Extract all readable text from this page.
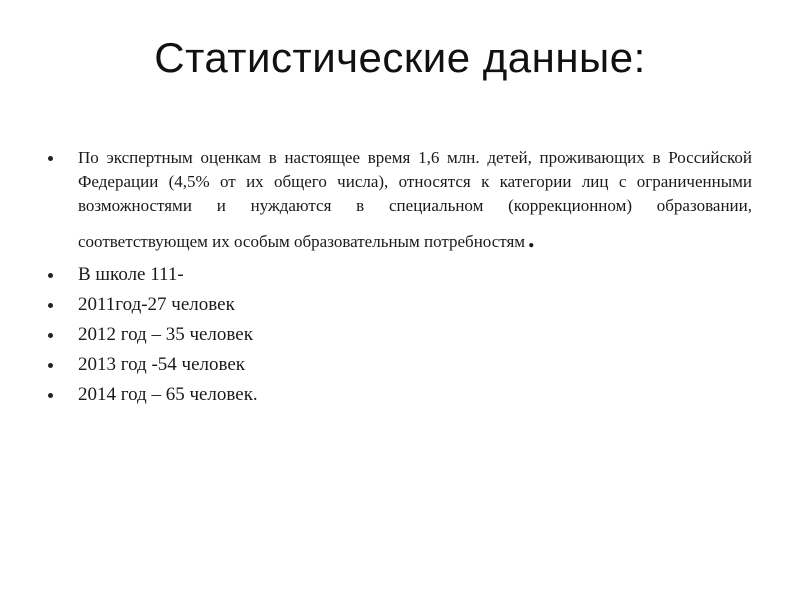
Статистические данные:
По экспертным оценкам в настоящее время 1,6 млн. детей, проживающих в Российской Федерации (4,5% от их общего числа), относятся к категории лиц с ограниченными возможностями и нуждаются в специальном (коррекционном) образовании, соответствующем их особым образовательным потребностям .
В школе 111-
2011год-27 человек
2012 год – 35 человек
2013 год -54 человек
2014 год – 65 человек.
